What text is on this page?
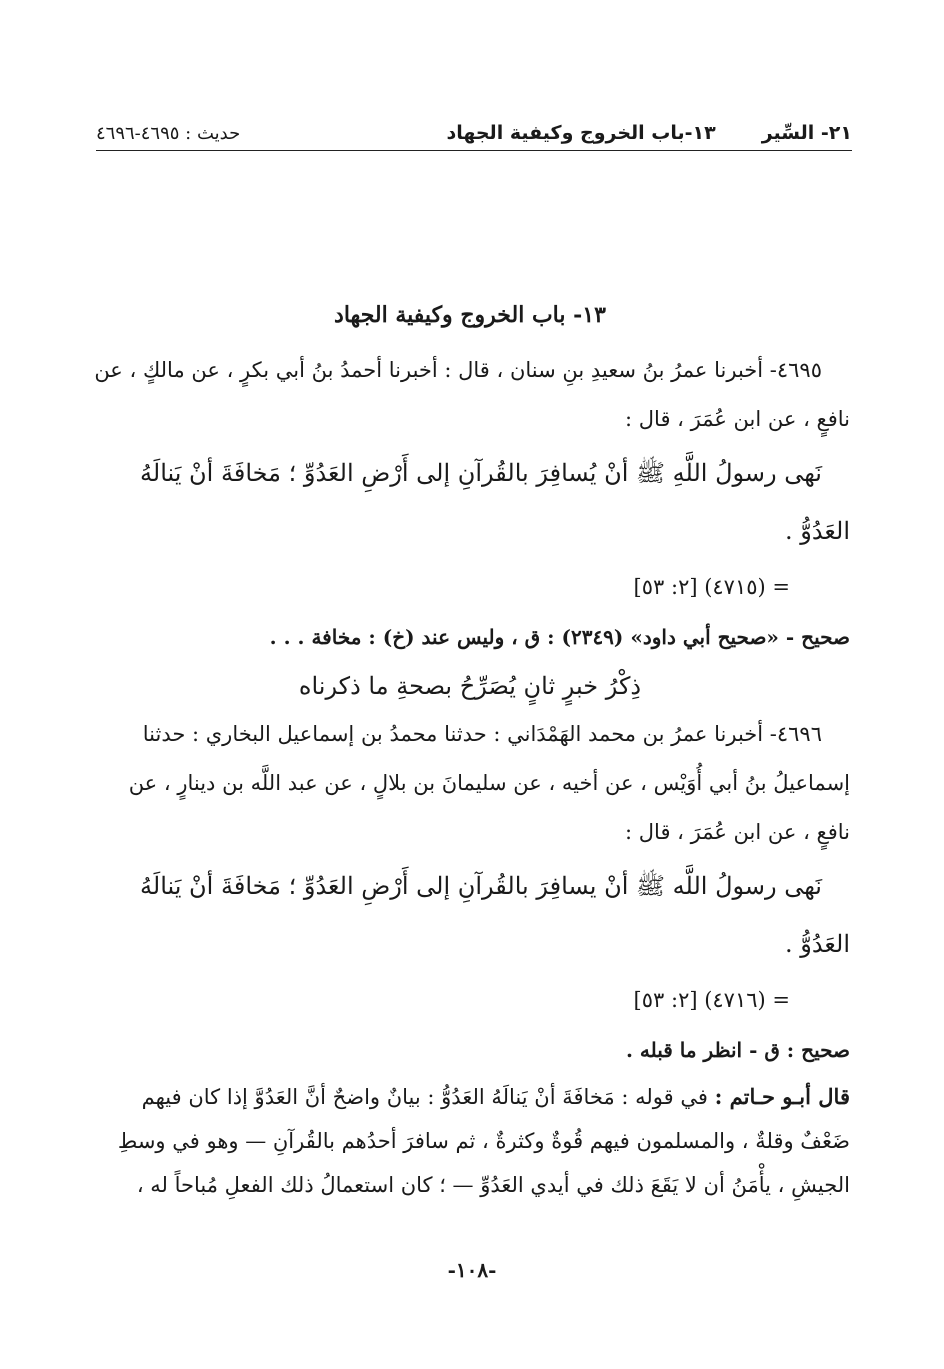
٢١- السِّير
١٣-باب الخروج وكيفية الجهاد
حديث : ٤٦٩٥-٤٦٩٦
١٣- باب الخروج وكيفية الجهاد

٤٦٩٥- أخبرنا عمرُ بنُ سعيدِ بنِ سنان ، قال : أخبرنا أحمدُ بنُ أبي بكرٍ ، عن مالكٍ ، عن نافعٍ ، عن ابن عُمَرَ ، قال :

نَهى رسولُ اللَّهِ ﷺ أنْ يُسافِرَ بالقُرآنِ إلى أَرْضِ العَدُوِّ ؛ مَخافَةَ أنْ يَنالَهُ العَدُوُّ .

= (٤٧١٥) [٢: ٥٣]

صحيح - «صحيح أبي داود» (٢٣٤٩) : ق ، وليس عند (خ) : مخافة . . .

ذِكْرُ خبرٍ ثانٍ يُصَرِّحُ بصحةِ ما ذكرناه

٤٦٩٦- أخبرنا عمرُ بن محمد الهَمْدَاني : حدثنا محمدُ بن إسماعيل البخاري : حدثنا إسماعيلُ بنُ أبي أُوَيْس ، عن أخيه ، عن سليمانَ بن بلالٍ ، عن عبد اللَّه بن دينارٍ ، عن نافعٍ ، عن ابن عُمَرَ ، قال :

نَهى رسولُ اللَّه ﷺ أنْ يسافِرَ بالقُرآنِ إلى أَرْضِ العَدُوِّ ؛ مَخافَةَ أنْ يَنالَهُ العَدُوُّ .

= (٤٧١٦) [٢: ٥٣]

صحيح : ق - انظر ما قبله .

قال أبـو حـاتم : في قوله : مَخافَةَ أنْ يَنالَهُ العَدُوُّ : بيانٌ واضحٌ أنَّ العَدُوَّ إذا كان فيهم ضَعْفٌ وقلةٌ ، والمسلمون فيهم قُوةٌ وكثرةٌ ، ثم سافرَ أحدُهم بالقُرآنِ — وهو في وسطِ الجيشِ ، يأْمَنُ أن لا يَقَعَ ذلك في أيدي العَدُوِّ — ؛ كان استعمالُ ذلك الفعلِ مُباحاً له ،

-١٠٨-
